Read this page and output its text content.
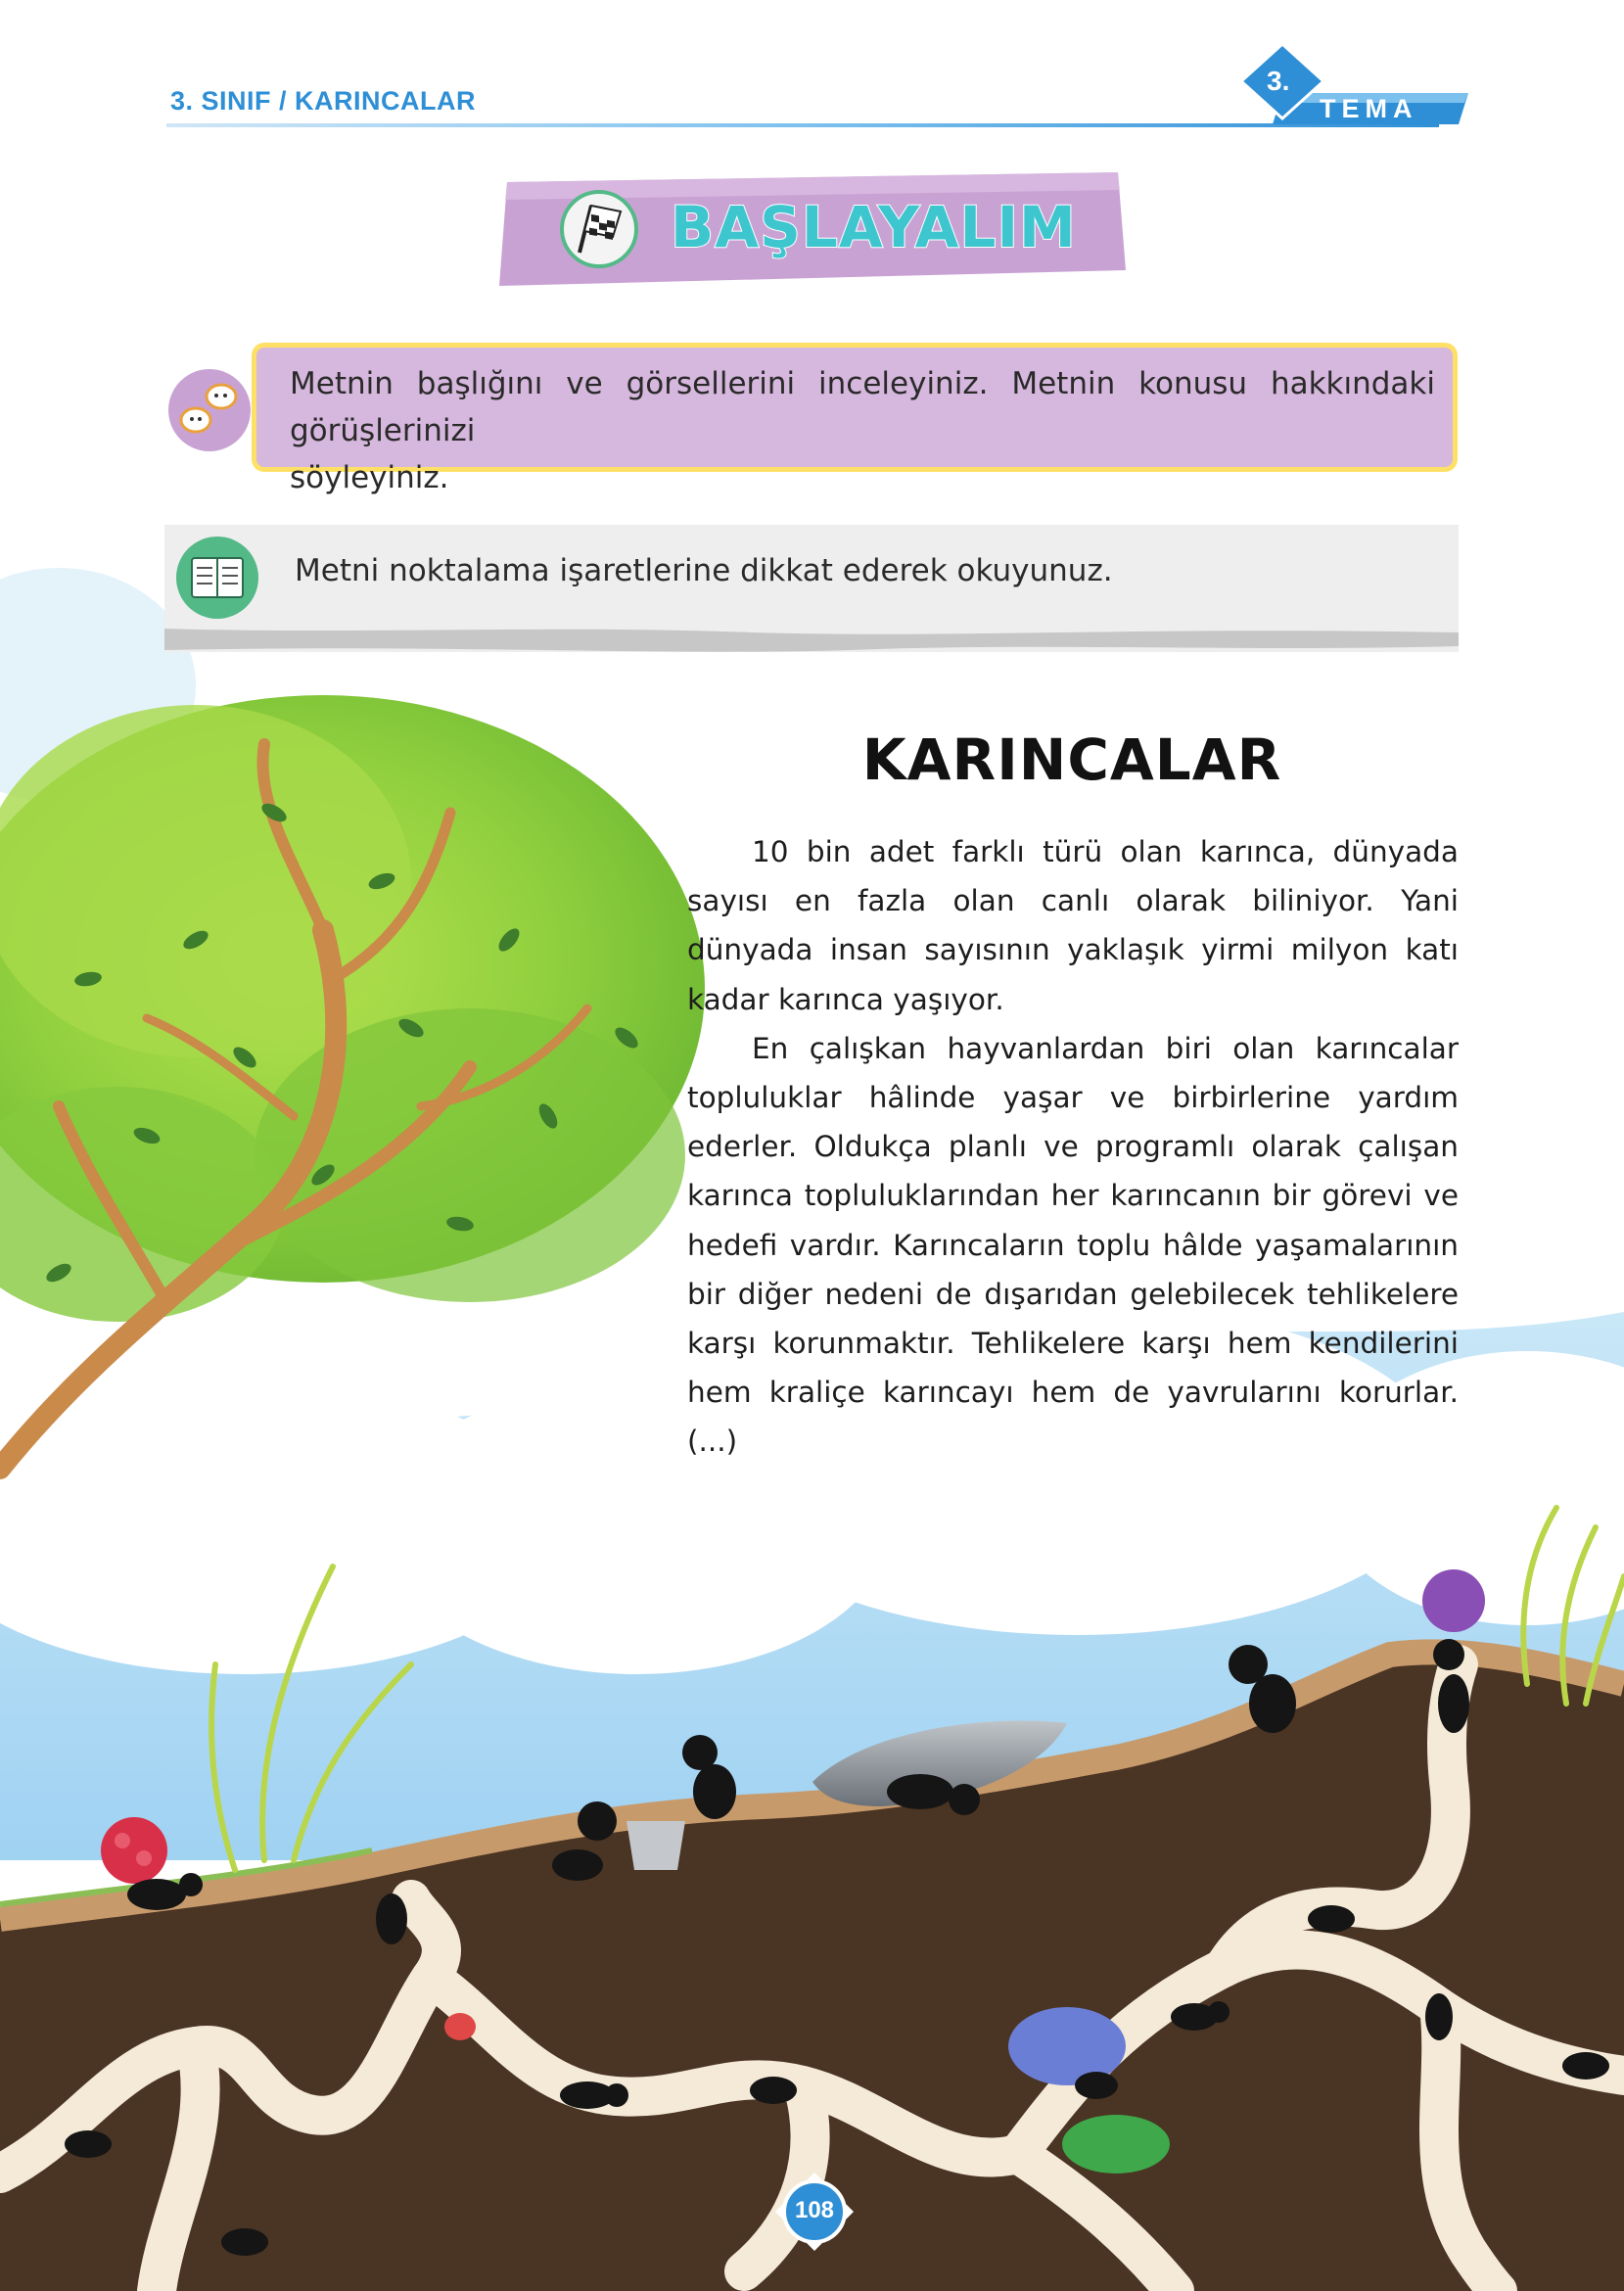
3. SINIF / KARINCALAR
3.
TEMA
BAŞLAYALIM
Metnin başlığını ve görsellerini inceleyiniz. Metnin konusu hakkındaki görüşlerinizi
söyleyiniz.
Metni noktalama işaretlerine dikkat ederek okuyunuz.
KARINCALAR

10 bin adet farklı türü olan karınca, dünyada sayısı en fazla olan canlı olarak biliniyor. Yani dünyada insan sayısının yaklaşık yirmi milyon katı kadar karınca yaşıyor.

En çalışkan hayvanlardan biri olan karıncalar topluluklar hâlinde yaşar ve birbirlerine yardım ederler. Oldukça planlı ve programlı olarak çalışan karınca topluluklarından her karıncanın bir görevi ve hedefi vardır. Karıncaların toplu hâlde yaşamalarının bir diğer nedeni de dışarıdan gelebilecek tehlikelere karşı korunmaktır. Tehlikelere karşı hem kendilerini hem kraliçe karıncayı hem de yavrularını korurlar. (...)

108
